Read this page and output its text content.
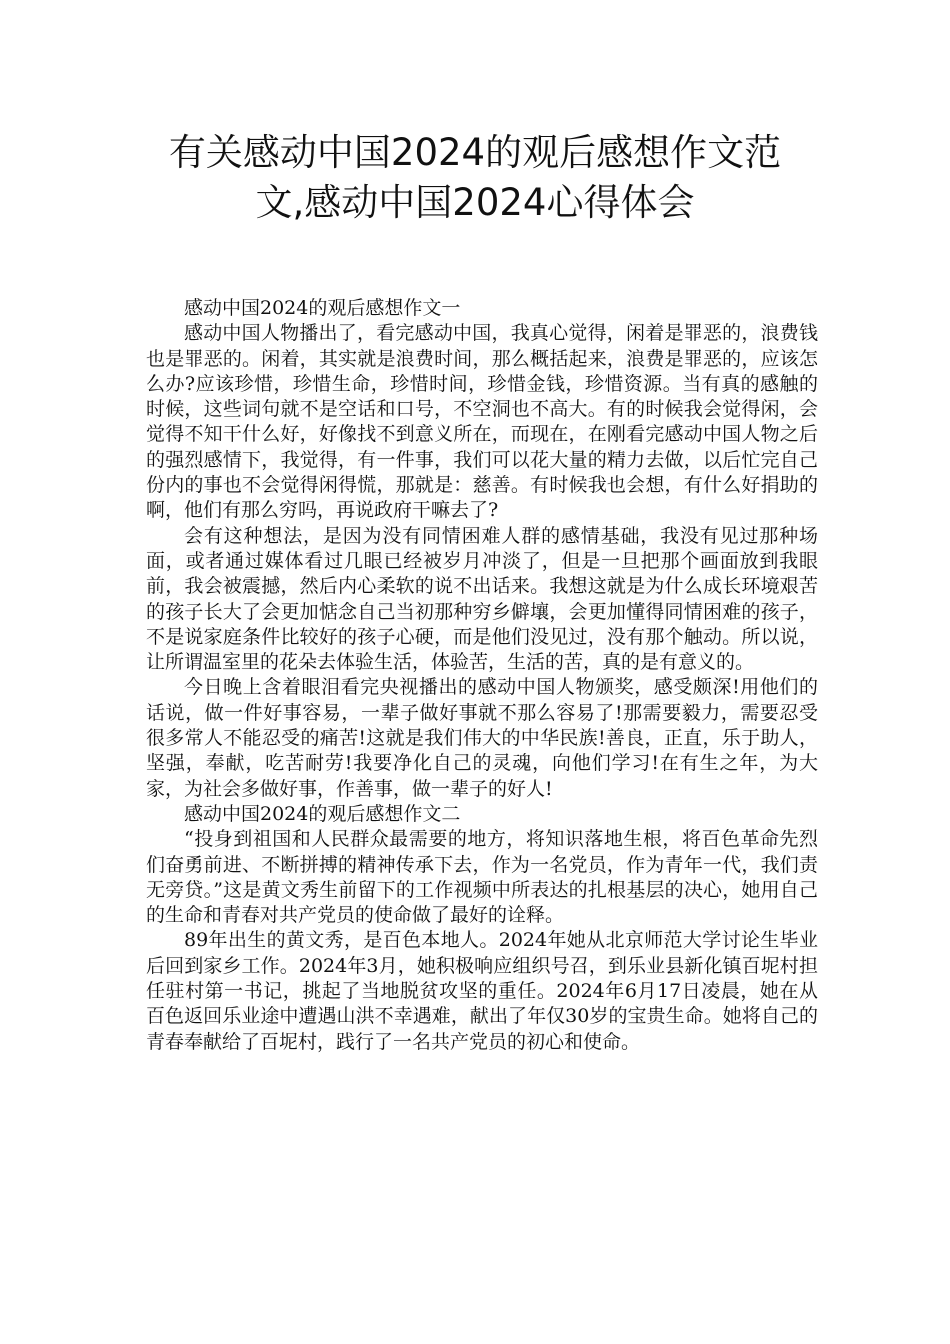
有关感动中国2024的观后感想作文范
文,感动中国2024心得体会

感动中国2024的观后感想作文一

感动中国人物播出了，看完感动中国，我真心觉得，闲着是罪恶的，浪费钱也是罪恶的。闲着，其实就是浪费时间，那么概括起来，浪费是罪恶的，应该怎么办?应该珍惜，珍惜生命，珍惜时间，珍惜金钱，珍惜资源。当有真的感触的时候，这些词句就不是空话和口号，不空洞也不高大。有的时候我会觉得闲，会觉得不知干什么好，好像找不到意义所在，而现在，在刚看完感动中国人物之后的强烈感情下，我觉得，有一件事，我们可以花大量的精力去做，以后忙完自己份内的事也不会觉得闲得慌，那就是：慈善。有时候我也会想，有什么好捐助的啊，他们有那么穷吗，再说政府干嘛去了?

会有这种想法，是因为没有同情困难人群的感情基础，我没有见过那种场面，或者通过媒体看过几眼已经被岁月冲淡了，但是一旦把那个画面放到我眼前，我会被震撼，然后内心柔软的说不出话来。我想这就是为什么成长环境艰苦的孩子长大了会更加惦念自己当初那种穷乡僻壤，会更加懂得同情困难的孩子，不是说家庭条件比较好的孩子心硬，而是他们没见过，没有那个触动。所以说，让所谓温室里的花朵去体验生活，体验苦，生活的苦，真的是有意义的。

今日晚上含着眼泪看完央视播出的感动中国人物颁奖，感受颇深!用他们的话说，做一件好事容易，一辈子做好事就不那么容易了!那需要毅力，需要忍受很多常人不能忍受的痛苦!这就是我们伟大的中华民族!善良，正直，乐于助人，坚强，奉献，吃苦耐劳!我要净化自己的灵魂，向他们学习!在有生之年，为大家，为社会多做好事，作善事，做一辈子的好人!

感动中国2024的观后感想作文二

“投身到祖国和人民群众最需要的地方，将知识落地生根，将百色革命先烈们奋勇前进、不断拼搏的精神传承下去，作为一名党员，作为青年一代，我们责无旁贷。”这是黄文秀生前留下的工作视频中所表达的扎根基层的决心，她用自己的生命和青春对共产党员的使命做了最好的诠释。

89年出生的黄文秀，是百色本地人。2024年她从北京师范大学讨论生毕业后回到家乡工作。2024年3月，她积极响应组织号召，到乐业县新化镇百坭村担任驻村第一书记，挑起了当地脱贫攻坚的重任。2024年6月17日凌晨，她在从百色返回乐业途中遭遇山洪不幸遇难，献出了年仅30岁的宝贵生命。她将自己的青春奉献给了百坭村，践行了一名共产党员的初心和使命。
